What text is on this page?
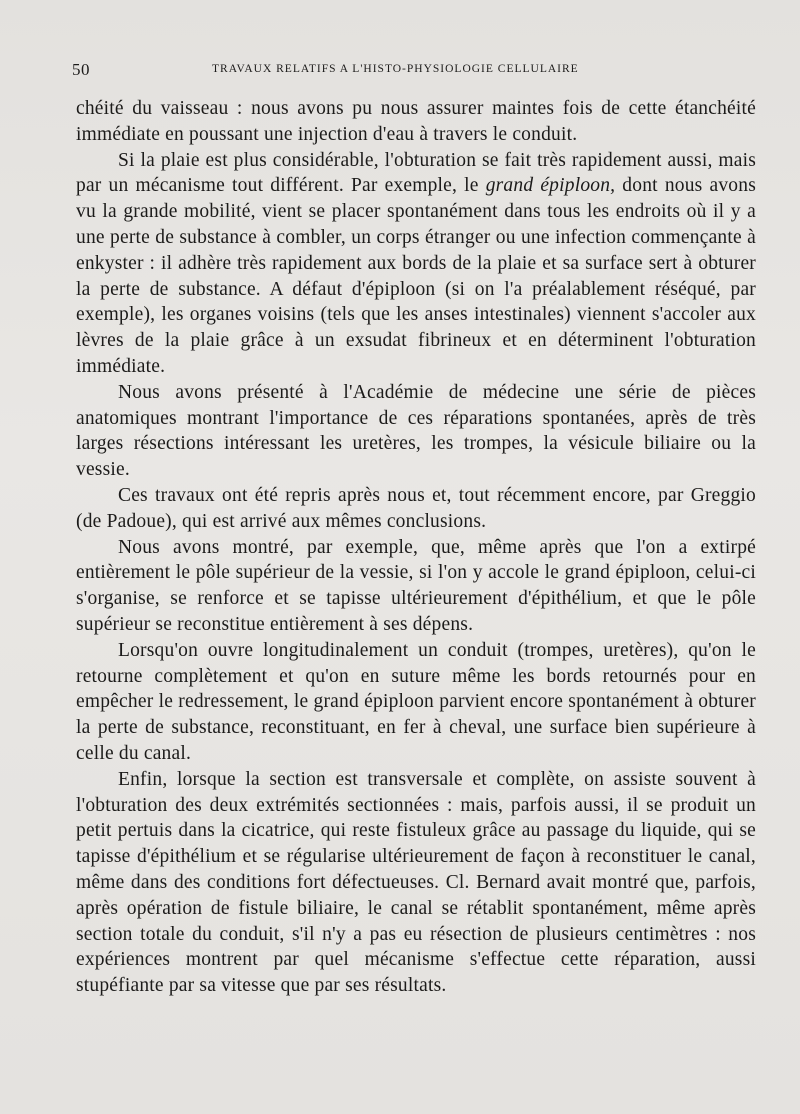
50	TRAVAUX RELATIFS A L'HISTO-PHYSIOLOGIE CELLULAIRE

chéité du vaisseau : nous avons pu nous assurer maintes fois de cette étanchéité immédiate en poussant une injection d'eau à travers le conduit.

Si la plaie est plus considérable, l'obturation se fait très rapidement aussi, mais par un mécanisme tout différent. Par exemple, le grand épiploon, dont nous avons vu la grande mobilité, vient se placer spontanément dans tous les endroits où il y a une perte de substance à combler, un corps étranger ou une infection commençante à enkyster : il adhère très rapidement aux bords de la plaie et sa surface sert à obturer la perte de substance. A défaut d'épiploon (si on l'a préalablement réséqué, par exemple), les organes voisins (tels que les anses intestinales) viennent s'accoler aux lèvres de la plaie grâce à un exsudat fibrineux et en déterminent l'obturation immédiate.

Nous avons présenté à l'Académie de médecine une série de pièces anatomiques montrant l'importance de ces réparations spontanées, après de très larges résections intéressant les uretères, les trompes, la vésicule biliaire ou la vessie.

Ces travaux ont été repris après nous et, tout récemment encore, par Greggio (de Padoue), qui est arrivé aux mêmes conclusions.

Nous avons montré, par exemple, que, même après que l'on a extirpé entièrement le pôle supérieur de la vessie, si l'on y accole le grand épiploon, celui-ci s'organise, se renforce et se tapisse ultérieurement d'épithélium, et que le pôle supérieur se reconstitue entièrement à ses dépens.

Lorsqu'on ouvre longitudinalement un conduit (trompes, uretères), qu'on le retourne complètement et qu'on en suture même les bords retournés pour en empêcher le redressement, le grand épiploon parvient encore spontanément à obturer la perte de substance, reconstituant, en fer à cheval, une surface bien supérieure à celle du canal.

Enfin, lorsque la section est transversale et complète, on assiste souvent à l'obturation des deux extrémités sectionnées : mais, parfois aussi, il se produit un petit pertuis dans la cicatrice, qui reste fistuleux grâce au passage du liquide, qui se tapisse d'épithélium et se régularise ultérieurement de façon à reconstituer le canal, même dans des conditions fort défectueuses. Cl. Bernard avait montré que, parfois, après opération de fistule biliaire, le canal se rétablit spontanément, même après section totale du conduit, s'il n'y a pas eu résection de plusieurs centimètres : nos expériences montrent par quel mécanisme s'effectue cette réparation, aussi stupéfiante par sa vitesse que par ses résultats.
